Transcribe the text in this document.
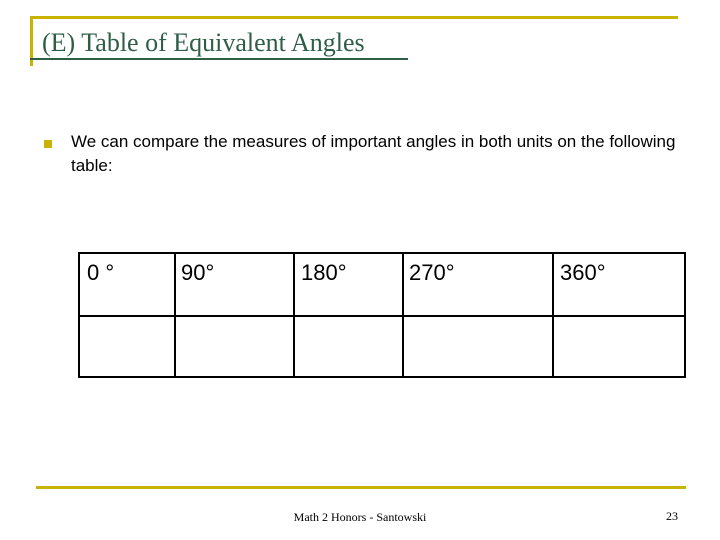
(E) Table of Equivalent Angles
We can compare the measures of important angles in both units on the following table:
0 °	90°	180°	270°	360°
Math 2 Honors - Santowski	23
